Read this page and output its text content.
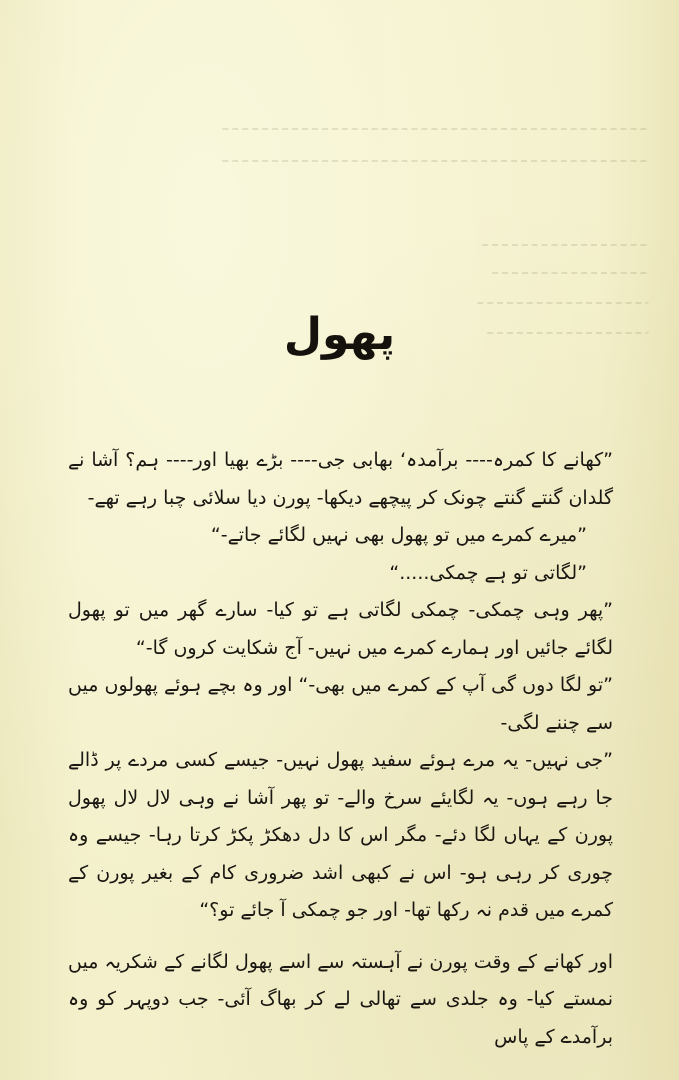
پھول

”کھانے کا کمرہ---- برآمدہ‘ بھابی جی---- بڑے بھیا اور---- ہم؟ آشا نے گلدان گنتے گنتے چونک کر پیچھے دیکھا- پورن دیا سلائی چبا رہے تھے-

”میرے کمرے میں تو پھول بھی نہیں لگائے جاتے-“

”لگاتی تو ہے چمکی.....“

”پھر وہی چمکی- چمکی لگاتی ہے تو کیا- سارے گھر میں تو پھول لگائے جائیں اور ہمارے کمرے میں نہیں- آج شکایت کروں گا-“

”تو لگا دوں گی آپ کے کمرے میں بھی-“ اور وہ بچے ہوئے پھولوں میں سے چننے لگی-

”جی نہیں- یہ مرے ہوئے سفید پھول نہیں- جیسے کسی مردے پر ڈالے جا رہے ہوں- یہ لگایئے سرخ والے- تو پھر آشا نے وہی لال لال پھول پورن کے یہاں لگا دئے- مگر اس کا دل دھکڑ پکڑ کرتا رہا- جیسے وہ چوری کر رہی ہو- اس نے کبھی اشد ضروری کام کے بغیر پورن کے کمرے میں قدم نہ رکھا تھا- اور جو چمکی آ جائے تو؟“

اور کھانے کے وقت پورن نے آہستہ سے اسے پھول لگانے کے شکریہ میں نمستے کیا- وہ جلدی سے تھالی لے کر بھاگ آئی- جب دوپہر کو وہ برآمدے کے پاس
